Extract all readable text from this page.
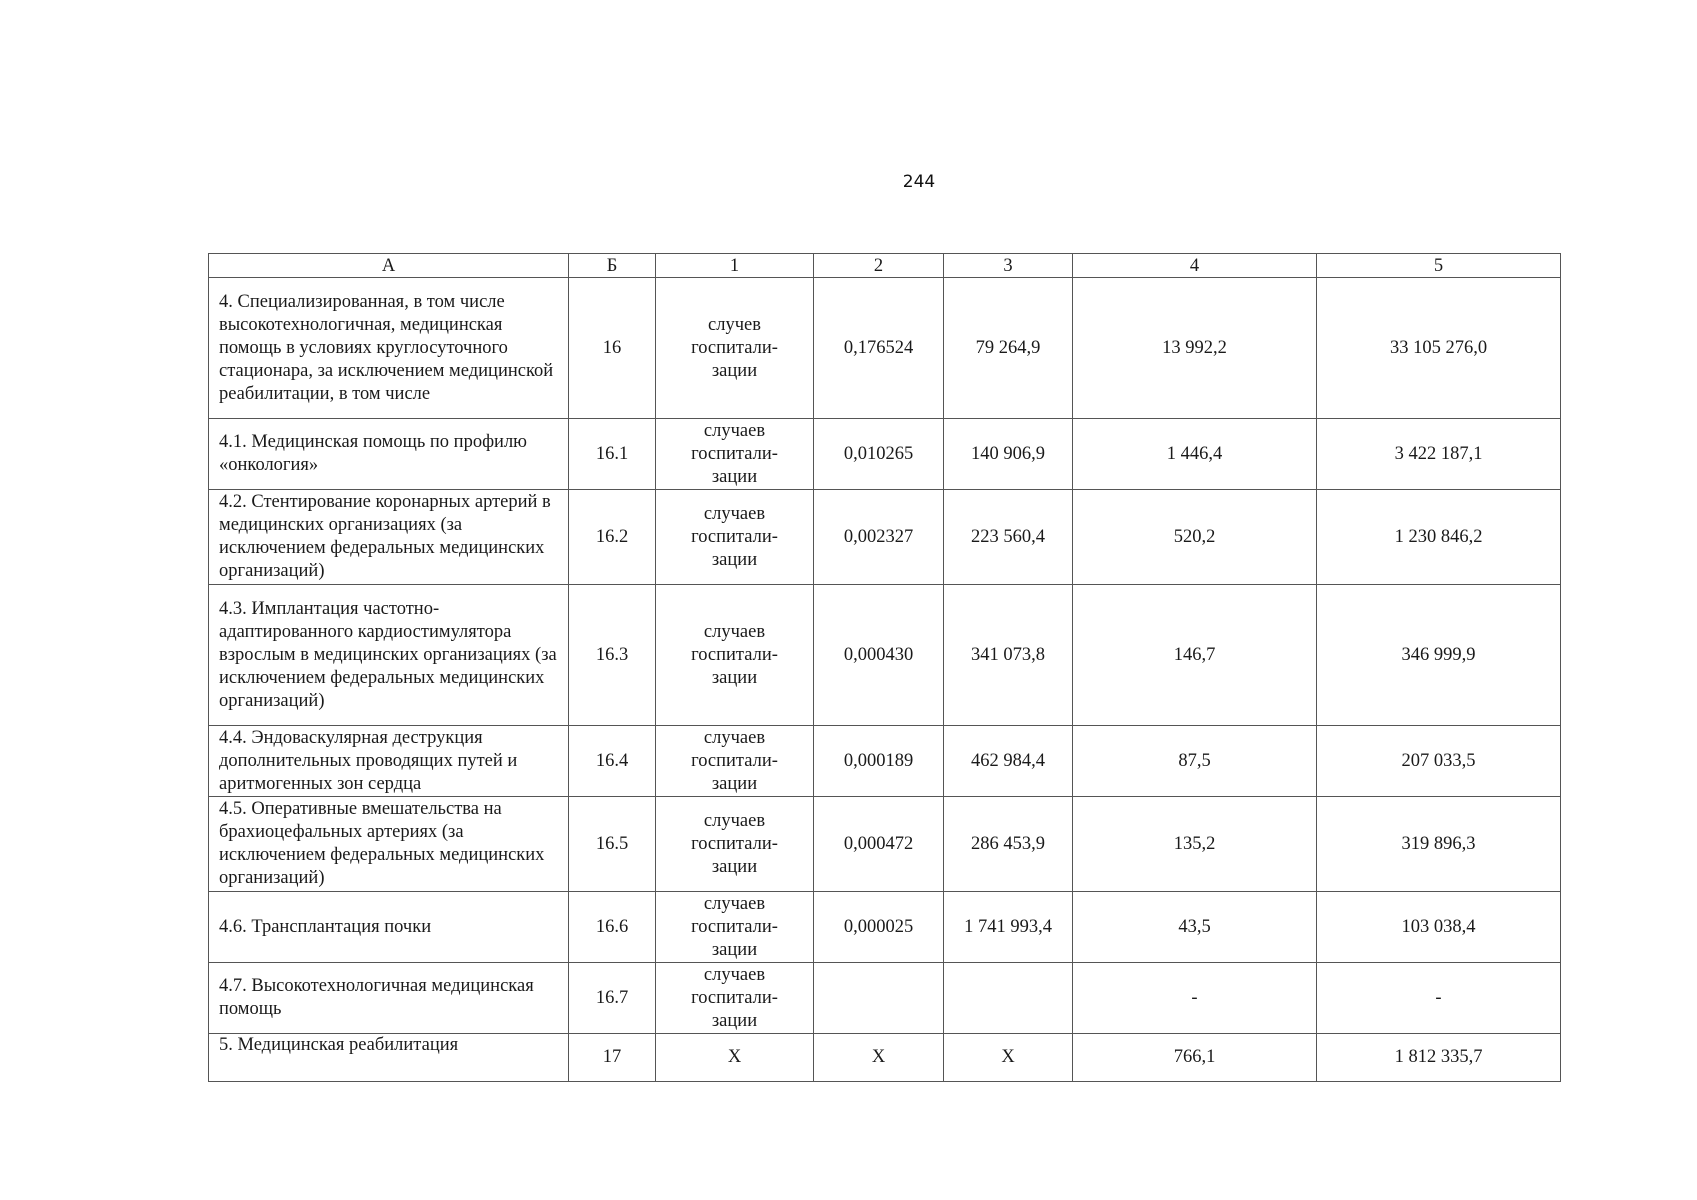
244
А	Б	1	2	3	4	5
4. Специализированная, в том числе высокотехнологичная, медицинская помощь в условиях круглосуточного стационара, за исключением медицинской реабилитации, в том числе	16	случев
госпитали-
зации	0,176524	79 264,9	13 992,2	33 105 276,0
4.1. Медицинская помощь по профилю «онкология»	16.1	случаев
госпитали-
зации	0,010265	140 906,9	1 446,4	3 422 187,1
4.2. Стентирование коронарных артерий в медицинских организациях (за исключением федеральных медицинских организаций)	16.2	случаев
госпитали-
зации	0,002327	223 560,4	520,2	1 230 846,2
4.3. Имплантация частотно-адаптированного кардиостимулятора взрослым в медицинских организациях (за исключением федеральных медицинских организаций)	16.3	случаев
госпитали-
зации	0,000430	341 073,8	146,7	346 999,9
4.4. Эндоваскулярная деструкция дополнительных проводящих путей и аритмогенных зон сердца	16.4	случаев
госпитали-
зации	0,000189	462 984,4	87,5	207 033,5
4.5. Оперативные вмешательства на брахиоцефальных артериях (за исключением федеральных медицинских организаций)	16.5	случаев
госпитали-
зации	0,000472	286 453,9	135,2	319 896,3
4.6. Трансплантация почки	16.6	случаев
госпитали-
зации	0,000025	1 741 993,4	43,5	103 038,4
4.7. Высокотехнологичная медицинская помощь	16.7	случаев
госпитали-
зации			-	-
5. Медицинская реабилитация	17	X	X	X	766,1	1 812 335,7
